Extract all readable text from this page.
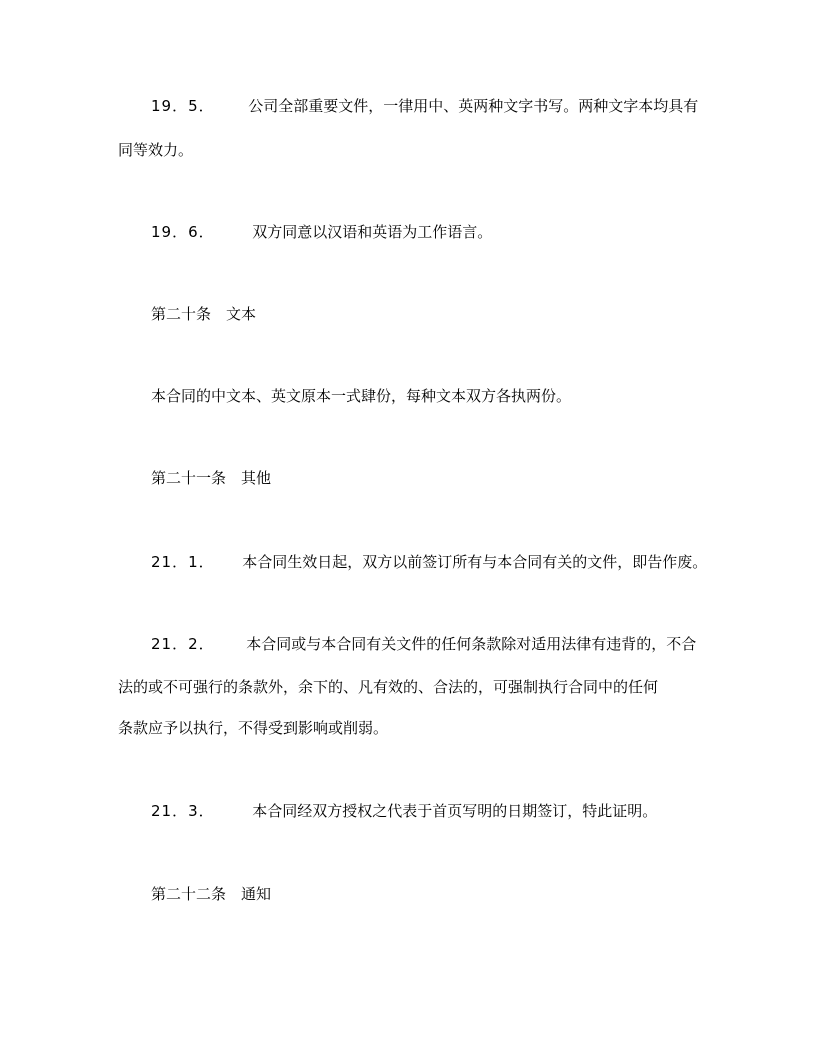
19．5． 公司全部重要文件，一律用中、英两种文字书写。两种文字本均具有
同等效力。
19．6．	双方同意以汉语和英语为工作语言。
第二十条　文本
本合同的中文本、英文原本一式肆份，每种文本双方各执两份。
第二十一条　其他
21．1． 本合同生效日起，双方以前签订所有与本合同有关的文件，即告作废。
21．2． 本合同或与本合同有关文件的任何条款除对适用法律有违背的，不合
法的或不可强行的条款外，余下的、凡有效的、合法的，可强制执行合同中的任何
条款应予以执行，不得受到影响或削弱。
21．3．	本合同经双方授权之代表于首页写明的日期签订，特此证明。
第二十二条　通知
